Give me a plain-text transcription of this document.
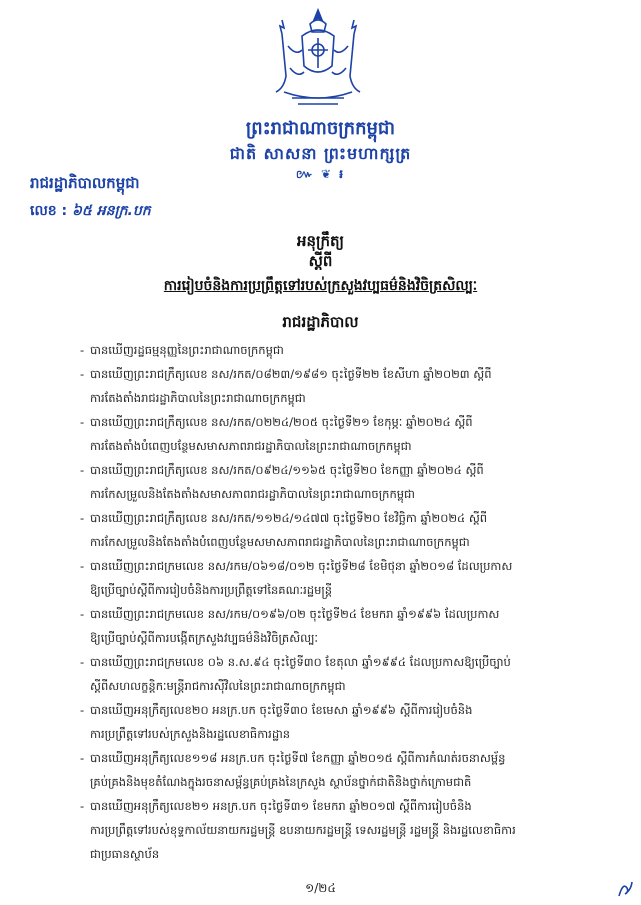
ព្រះរាជាណាចក្រកម្ពុជា
ជាតិ សាសនា ព្រះមហាក្សត្រ
៚ ❦ ៛
រាជរដ្ឋាភិបាលកម្ពុជា
លេខ : ៦៥ អនក្រ.បក
អនុក្រឹត្យ
ស្តីពី
ការរៀបចំនិងការប្រព្រឹត្តទៅរបស់ក្រសួងវប្បធម៌និងវិចិត្រសិល្បៈ
រាជរដ្ឋាភិបាល
- បានឃើញរដ្ឋធម្មនុញ្ញនៃព្រះរាជាណាចក្រកម្ពុជា
- បានឃើញព្រះរាជក្រឹត្យលេខ នស/រកត/០៨២៣/១៩៨១ ចុះថ្ងៃទី២២ ខែសីហា ឆ្នាំ២០២៣ ស្តីពី
ការតែងតាំងរាជរដ្ឋាភិបាលនៃព្រះរាជាណាចក្រកម្ពុជា
- បានឃើញព្រះរាជក្រឹត្យលេខ នស/រកត/០២២៤/២០៥ ចុះថ្ងៃទី២១ ខែកុម្ភៈ ឆ្នាំ២០២៤ ស្តីពី
ការតែងតាំងបំពេញបន្ថែមសមាសភាពរាជរដ្ឋាភិបាលនៃព្រះរាជាណាចក្រកម្ពុជា
- បានឃើញព្រះរាជក្រឹត្យលេខ នស/រកត/០៩២៤/១១៦៥ ចុះថ្ងៃទី២០ ខែកញ្ញា ឆ្នាំ២០២៤ ស្តីពី
ការកែសម្រួលនិងតែងតាំងសមាសភាពរាជរដ្ឋាភិបាលនៃព្រះរាជាណាចក្រកម្ពុជា
- បានឃើញព្រះរាជក្រឹត្យលេខ នស/រកត/១១២៤/១៤៧៧ ចុះថ្ងៃទី២០ ខែវិច្ឆិកា ឆ្នាំ២០២៤ ស្តីពី
ការកែសម្រួលនិងតែងតាំងបំពេញបន្ថែមសមាសភាពរាជរដ្ឋាភិបាលនៃព្រះរាជាណាចក្រកម្ពុជា
- បានឃើញព្រះរាជក្រមលេខ នស/រកម/០៦១៨/០១២ ចុះថ្ងៃទី២៨ ខែមិថុនា ឆ្នាំ២០១៨ ដែលប្រកាស
ឱ្យប្រើច្បាប់ស្តីពីការរៀបចំនិងការប្រព្រឹត្តទៅនៃគណៈរដ្ឋមន្ត្រី
- បានឃើញព្រះរាជក្រមលេខ នស/រកម/០១៩៦/០២ ចុះថ្ងៃទី២៤ ខែមករា ឆ្នាំ១៩៩៦ ដែលប្រកាស
ឱ្យប្រើច្បាប់ស្តីពីការបង្កើតក្រសួងវប្បធម៌និងវិចិត្រសិល្បៈ
- បានឃើញព្រះរាជក្រមលេខ ០៦ ន.ស.៩៤ ចុះថ្ងៃទី៣០ ខែតុលា ឆ្នាំ១៩៩៤ ដែលប្រកាសឱ្យប្រើច្បាប់
ស្តីពីសហលក្ខន្តិកៈមន្ត្រីរាជការស៊ីវិលនៃព្រះរាជាណាចក្រកម្ពុជា
- បានឃើញអនុក្រឹត្យលេខ២០ អនក្រ.បក ចុះថ្ងៃទី៣០ ខែមេសា ឆ្នាំ១៩៩៦ ស្តីពីការរៀបចំនិង
ការប្រព្រឹត្តទៅរបស់ក្រសួងនិងរដ្ឋលេខាធិការដ្ឋាន
- បានឃើញអនុក្រឹត្យលេខ១១៨ អនក្រ.បក ចុះថ្ងៃទី៧ ខែកញ្ញា ឆ្នាំ២០១៥ ស្តីពីការកំណត់រចនាសម្ព័ន្ធ
គ្រប់គ្រងនិងមុខតំណែងក្នុងរចនាសម្ព័ន្ធគ្រប់គ្រងនៃក្រសួង ស្ថាប័នថ្នាក់ជាតិនិងថ្នាក់ក្រោមជាតិ
- បានឃើញអនុក្រឹត្យលេខ២១ អនក្រ.បក ចុះថ្ងៃទី៣១ ខែមករា ឆ្នាំ២០១៧ ស្តីពីការរៀបចំនិង
ការប្រព្រឹត្តទៅរបស់ខុទ្ទកាល័យនាយករដ្ឋមន្ត្រី ឧបនាយករដ្ឋមន្ត្រី ទេសរដ្ឋមន្ត្រី រដ្ឋមន្ត្រី និងរដ្ឋលេខាធិការ
ជាប្រធានស្ថាប័ន
១/២៤
